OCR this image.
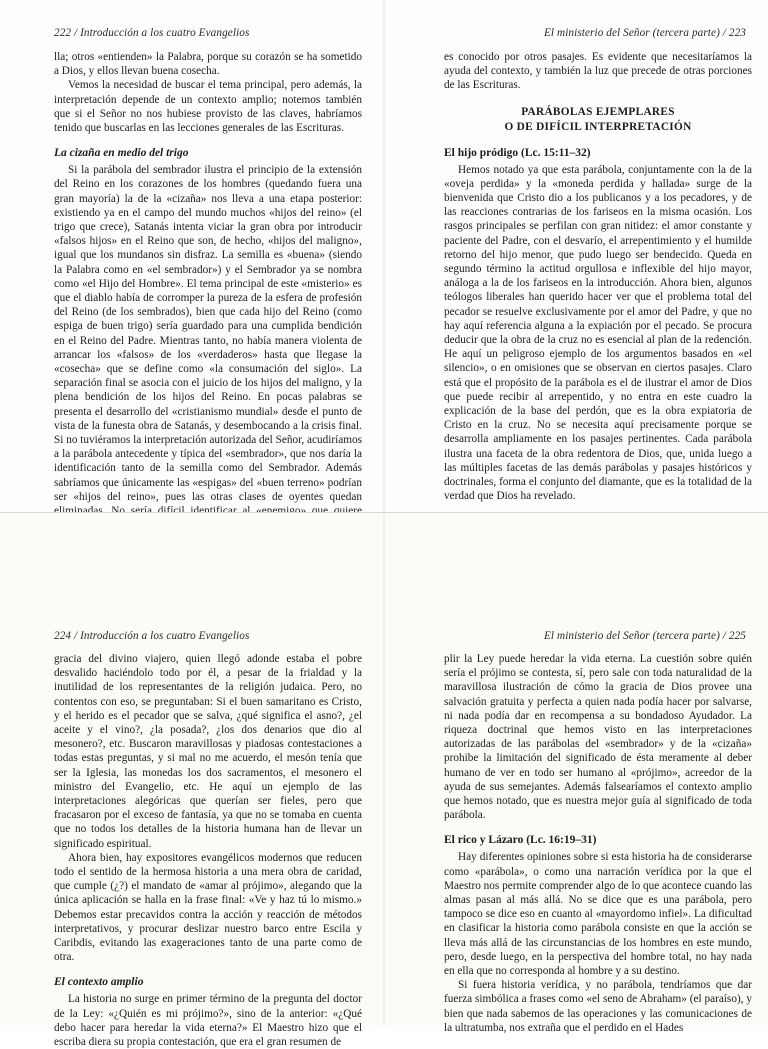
222 / Introducción a los cuatro Evangelios	El ministerio del Señor (tercera parte) / 223

lla; otros «entienden» la Palabra, porque su corazón se ha sometido a Dios, y ellos llevan buena cosecha.

Vemos la necesidad de buscar el tema principal, pero además, la interpretación depende de un contexto amplio; notemos también que si el Señor no nos hubiese provisto de las claves, habríamos tenido que buscarlas en las lecciones generales de las Escrituras.

La cizaña en medio del trigo

Si la parábola del sembrador ilustra el principio de la extensión del Reino en los corazones de los hombres (quedando fuera una gran mayoría) la de la «cizaña» nos lleva a una etapa posterior: existiendo ya en el campo del mundo muchos «hijos del reino» (el trigo que crece), Satanás intenta viciar la gran obra por introducir «falsos hijos» en el Reino que son, de hecho, «hijos del maligno», igual que los mundanos sin disfraz. La semilla es «buena» (siendo la Palabra como en «el sembrador») y el Sembrador ya se nombra como «el Hijo del Hombre». El tema principal de este «misterio» es que el diablo había de corromper la pureza de la esfera de profesión del Reino (de los sembrados), bien que cada hijo del Reino (como espiga de buen trigo) sería guardado para una cumplida bendición en el Reino del Padre. Mientras tanto, no había manera violenta de arrancar los «falsos» de los «verdaderos» hasta que llegase la «cosecha» que se define como «la consumación del siglo». La separación final se asocia con el juicio de los hijos del maligno, y la plena bendición de los hijos del Reino. En pocas palabras se presenta el desarrollo del «cristianismo mundial» desde el punto de vista de la funesta obra de Satanás, y desembocando a la crisis final. Si no tuviéramos la interpretación autorizada del Señor, acudiríamos a la parábola antecedente y típica del «sembrador», que nos daría la identificación tanto de la semilla como del Sembrador. Además sabríamos que únicamente las «espigas» del «buen terreno» podrían ser «hijos del reino», pues las otras clases de oyentes quedan

es conocido por otros pasajes. Es evidente que necesitaríamos la ayuda del contexto, y también la luz que precede de otras porciones de las Escrituras.

PARÁBOLAS EJEMPLARES
O DE DIFÍCIL INTERPRETACIÓN
El hijo pródigo (Lc. 15:11–32)

Hemos notado ya que esta parábola, conjuntamente con la de la «oveja perdida» y la «moneda perdida y hallada» surge de la bienvenida que Cristo dio a los publicanos y a los pecadores, y de las reacciones contrarias de los fariseos en la misma ocasión. Los rasgos principales se perfilan con gran nitidez: el amor constante y paciente del Padre, con el desvarío, el arrepentimiento y el humilde retorno del hijo menor, que pudo luego ser bendecido. Queda en segundo término la actitud orgullosa e inflexible del hijo mayor, análoga a la de los fariseos en la introducción. Ahora bien, algunos teólogos liberales han querido hacer ver que el problema total del pecador se resuelve exclusivamente por el amor del Padre, y que no hay aquí referencia alguna a la expiación por el pecado. Se procura deducir que la obra de la cruz no es esencial al plan de la redención. He aquí un peligroso ejemplo de los argumentos basados en «el silencio», o en omisiones que se observan en ciertos pasajes. Claro está que el propósito de la parábola es el de ilustrar el amor de Dios que puede recibir al arrepentido, y no entra en este cuadro la explicación de la base del perdón, que es la obra expiatoria de Cristo en la cruz. No se necesita aquí precisamente porque se desarrolla ampliamente en los pasajes pertinentes. Cada parábola ilustra una faceta de la obra redentora de Dios, que, unida luego a las múltiples facetas de las demás parábolas y pasajes históricos y doctrinales, forma el conjunto del diamante, que es la totalidad de la verdad que Dios ha revelado.

224 / Introducción a los cuatro Evangelios	El ministerio del Señor (tercera parte) / 225

gracia del divino viajero, quien llegó adonde estaba el pobre desvalido haciéndolo todo por él, a pesar de la frialdad y la inutilidad de los representantes de la religión judaica. Pero, no contentos con eso, se preguntaban: Si el buen samaritano es Cristo, y el herido es el pecador que se salva, ¿qué significa el asno?, ¿el aceite y el vino?, ¿la posada?, ¿los dos denarios que dio al mesonero?, etc. Buscaron maravillosas y piadosas contestaciones a todas estas preguntas, y si mal no me acuerdo, el mesón tenía que ser la Iglesia, las monedas los dos sacramentos, el mesonero el ministro del Evangelio, etc. He aquí un ejemplo de las interpretaciones alegóricas que querían ser fieles, pero que fracasaron por el exceso de fantasía, ya que no se tomaba en cuenta que no todos los detalles de la historia humana han de llevar un significado espiritual.

Ahora bien, hay expositores evangélicos modernos que reducen todo el sentido de la hermosa historia a una mera obra de caridad, que cumple (¿?) el mandato de «amar al prójimo», alegando que la única aplicación se halla en la frase final: «Ve y haz tú lo mismo.» Debemos estar precavidos contra la acción y reacción de métodos interpretativos, y procurar deslizar nuestro barco entre Escila y Caribdis, evitando las exageraciones tanto de una parte como de otra.

El contexto amplio

La historia no surge en primer término de la pregunta del doctor de la Ley: «¿Quién es mi prójimo?», sino de la anterior: «¿Qué debo hacer para heredar la vida eterna?» El Maestro hizo que el escriba diera su propia contestación, que era el gran resumen de

plir la Ley puede heredar la vida eterna. La cuestión sobre quién sería el prójimo se contesta, sí, pero sale con toda naturalidad de la maravillosa ilustración de cómo la gracia de Dios provee una salvación gratuita y perfecta a quien nada podía hacer por salvarse, ni nada podía dar en recompensa a su bondadoso Ayudador. La riqueza doctrinal que hemos visto en las interpretaciones autorizadas de las parábolas del «sembrador» y de la «cizaña» prohibe la limitación del significado de ésta meramente al deber humano de ver en todo ser humano al «prójimo», acreedor de la ayuda de sus semejantes. Además falsearíamos el contexto amplio que hemos notado, que es nuestra mejor guía al significado de toda parábola.

El rico y Lázaro (Lc. 16:19–31)

Hay diferentes opiniones sobre si esta historia ha de considerarse como «parábola», o como una narración verídica por la que el Maestro nos permite comprender algo de lo que acontece cuando las almas pasan al más allá. No se dice que es una parábola, pero tampoco se dice eso en cuanto al «mayordomo infiel». La dificultad en clasificar la historia como parábola consiste en que la acción se lleva más allá de las circunstancias de los hombres en este mundo, pero, desde luego, en la perspectiva del hombre total, no hay nada en ella que no corresponda al hombre y a su destino.

Si fuera historia verídica, y no parábola, tendríamos que dar fuerza simbólica a frases como «el seno de Abraham» (el paraíso), y bien que nada sabemos de las operaciones y las comunicaciones de la ultratumba, nos extraña que el perdido en el Hades
